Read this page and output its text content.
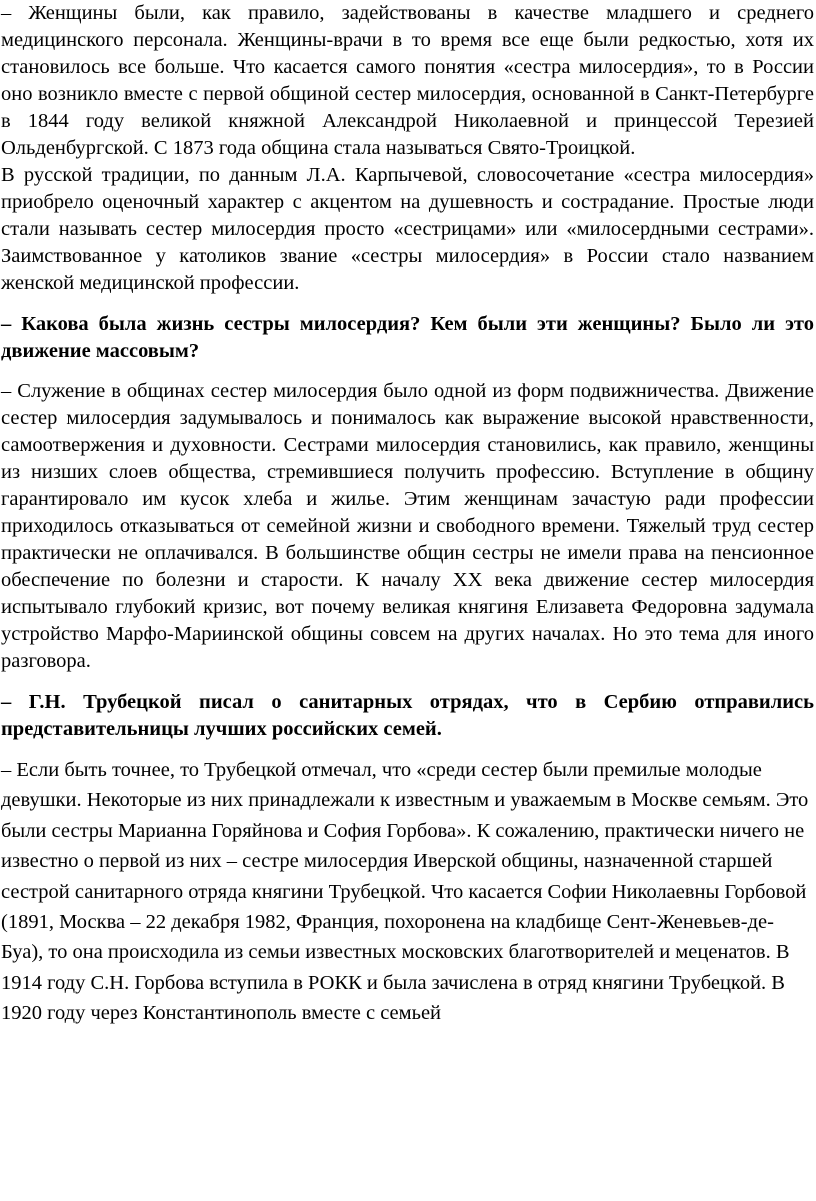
– Женщины были, как правило, задействованы в качестве младшего и среднего медицинского персонала. Женщины-врачи в то время все еще были редкостью, хотя их становилось все больше. Что касается самого понятия «сестра милосердия», то в России оно возникло вместе с первой общиной сестер милосердия, основанной в Санкт-Петербурге в 1844 году великой княжной Александрой Николаевной и принцессой Терезией Ольденбургской. С 1873 года община стала называться Свято-Троицкой.

В русской традиции, по данным Л.А. Карпычевой, словосочетание «сестра милосердия» приобрело оценочный характер с акцентом на душевность и сострадание. Простые люди стали называть сестер милосердия просто «сестрицами» или «милосердными сестрами». Заимствованное у католиков звание «сестры милосердия» в России стало названием женской медицинской профессии.

– Какова была жизнь сестры милосердия? Кем были эти женщины? Было ли это движение массовым?

– Служение в общинах сестер милосердия было одной из форм подвижничества. Движение сестер милосердия задумывалось и понималось как выражение высокой нравственности, самоотвержения и духовности. Сестрами милосердия становились, как правило, женщины из низших слоев общества, стремившиеся получить профессию. Вступление в общину гарантировало им кусок хлеба и жилье. Этим женщинам зачастую ради профессии приходилось отказываться от семейной жизни и свободного времени. Тяжелый труд сестер практически не оплачивался. В большинстве общин сестры не имели права на пенсионное обеспечение по болезни и старости. К началу XX века движение сестер милосердия испытывало глубокий кризис, вот почему великая княгиня Елизавета Федоровна задумала устройство Марфо-Мариинской общины совсем на других началах. Но это тема для иного разговора.

– Г.Н. Трубецкой писал о санитарных отрядах, что в Сербию отправились представительницы лучших российских семей.

– Если быть точнее, то Трубецкой отмечал, что «среди сестер были премилые молодые девушки. Некоторые из них принадлежали к известным и уважаемым в Москве семьям. Это были сестры Марианна Горяйнова и София Горбова». К сожалению, практически ничего не известно о первой из них – сестре милосердия Иверской общины, назначенной старшей сестрой санитарного отряда княгини Трубецкой. Что касается Софии Николаевны Горбовой (1891, Москва – 22 декабря 1982, Франция, похоронена на кладбище Сент-Женевьев-де-Буа), то она происходила из семьи известных московских благотворителей и меценатов. В 1914 году С.Н. Горбова вступила в РОКК и была зачислена в отряд княгини Трубецкой. В 1920 году через Константинополь вместе с семьей
